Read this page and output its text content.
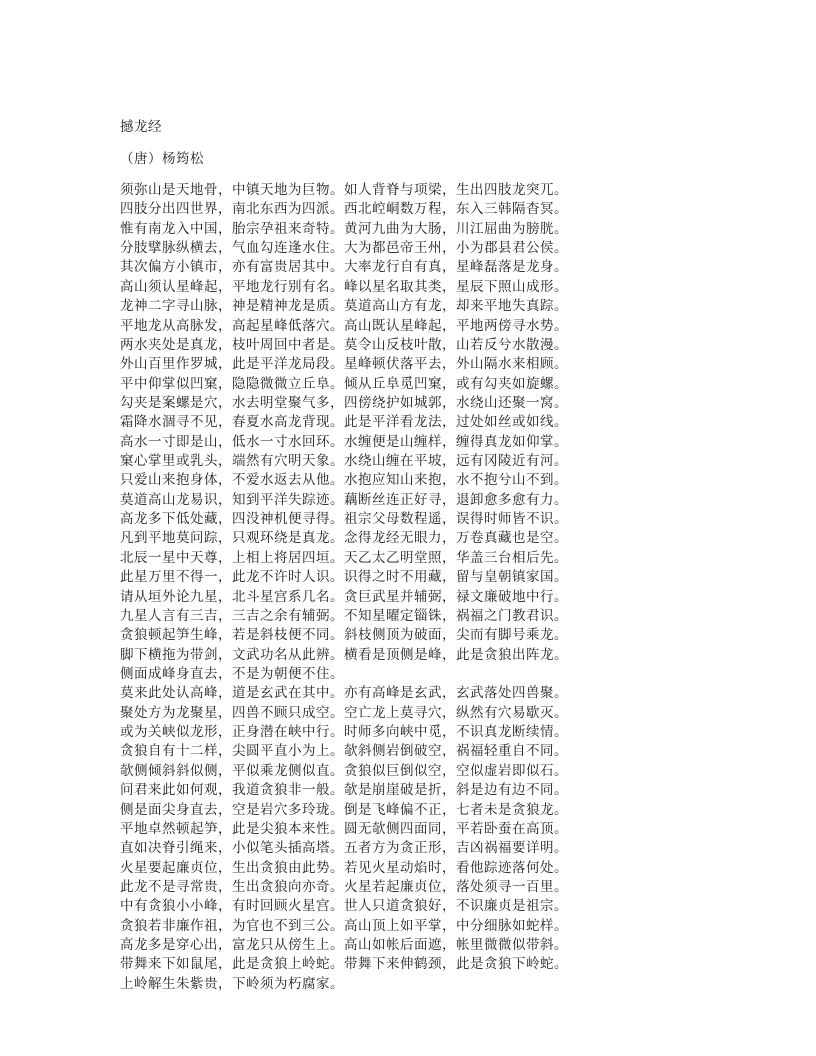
撼龙经
（唐）杨筠松
须弥山是天地骨，中镇天地为巨物。如人背脊与项梁，生出四肢龙突兀。
四肢分出四世界，南北东西为四派。西北崆峒数万程，东入三韩隔杳冥。
惟有南龙入中国，胎宗孕祖来奇特。黄河九曲为大肠，川江屈曲为膀胱。
分肢擘脉纵横去，气血勾连逢水住。大为都邑帝王州，小为郡县君公侯。
其次偏方小镇市，亦有富贵居其中。大率龙行自有真，星峰磊落是龙身。
高山须认星峰起，平地龙行别有名。峰以星名取其类，星辰下照山成形。
龙神二字寻山脉，神是精神龙是质。莫道高山方有龙，却来平地失真踪。
平地龙从高脉发，高起星峰低落穴。高山既认星峰起，平地两傍寻水势。
两水夹处是真龙，枝叶周回中者是。莫令山反枝叶散，山若反兮水散漫。
外山百里作罗城，此是平洋龙局段。星峰顿伏落平去，外山隔水来相顾。
平中仰掌似凹窠，隐隐微微立丘阜。倾从丘阜觅凹窠，或有勾夹如旋螺。
勾夹是案螺是穴，水去明堂聚气多，四傍绕护如城郭，水绕山还聚一窝。
霜降水涸寻不见，春夏水高龙背现。此是平洋看龙法，过处如丝或如线。
高水一寸即是山，低水一寸水回环。水缠便是山缠样，缠得真龙如仰掌。
窠心掌里或乳头，端然有穴明天象。水绕山缠在平坡，远有冈陵近有河。
只爱山来抱身体，不爱水返去从他。水抱应知山来抱，水不抱兮山不到。
莫道高山龙易识，知到平洋失踪迹。藕断丝连正好寻，退卸愈多愈有力。
高龙多下低处藏，四没神机便寻得。祖宗父母数程遥，误得时师皆不识。
凡到平地莫问踪，只观环绕是真龙。念得龙经无眼力，万卷真藏也是空。
北辰一星中天尊，上相上将居四垣。天乙太乙明堂照，华盖三台相后先。
此星万里不得一，此龙不许时人识。识得之时不用藏，留与皇朝镇家国。
请从垣外论九星，北斗星宫系几名。贪巨武星并辅弼，禄文廉破地中行。
九星人言有三吉，三吉之余有辅弼。不知星曜定锱铢，祸福之门教君识。
贪狼顿起笋生峰，若是斜枝便不同。斜枝侧顶为破面，尖而有脚号乘龙。
脚下横拖为带剑，文武功名从此辨。横看是顶侧是峰，此是贪狼出阵龙。
侧面成峰身直去，不是为朝便不住。
莫来此处认高峰，道是玄武在其中。亦有高峰是玄武，玄武落处四兽聚。
聚处方为龙聚星，四兽不顾只成空。空亡龙上莫寻穴，纵然有穴易歇灭。
或为关峡似龙形，正身潜在峡中行。时师多向峡中觅，不识真龙断续情。
贪狼自有十二样，尖圆平直小为上。欹斜侧岩倒破空，祸福轻重自不同。
欹侧倾斜斜似侧，平似乘龙侧似直。贪狼似巨倒似空，空似虚岩即似石。
问君来此如何观，我道贪狼非一般。欹是崩崖破是折，斜是边有边不同。
侧是面尖身直去，空是岩穴多玲珑。倒是飞峰偏不正，七者未是贪狼龙。
平地卓然顿起笋，此是尖狼本来性。圆无欹侧四面同，平若卧蚕在高顶。
直如决脊引绳来，小似笔头插高塔。五者方为贪正形，吉凶祸福要详明。
火星要起廉贞位，生出贪狼由此势。若见火星动焰时，看他踪迹落何处。
此龙不是寻常贵，生出贪狼向亦奇。火星若起廉贞位，落处须寻一百里。
中有贪狼小小峰，有时回顾火星宫。世人只道贪狼好，不识廉贞是祖宗。
贪狼若非廉作祖，为官也不到三公。高山顶上如平掌，中分细脉如蛇样。
高龙多是穿心出，富龙只从傍生上。高山如帐后面遮，帐里微微似带斜。
带舞来下如鼠尾，此是贪狼上岭蛇。带舞下来伸鹤颈，此是贪狼下岭蛇。
上岭解生朱紫贵，下岭须为朽腐家。
